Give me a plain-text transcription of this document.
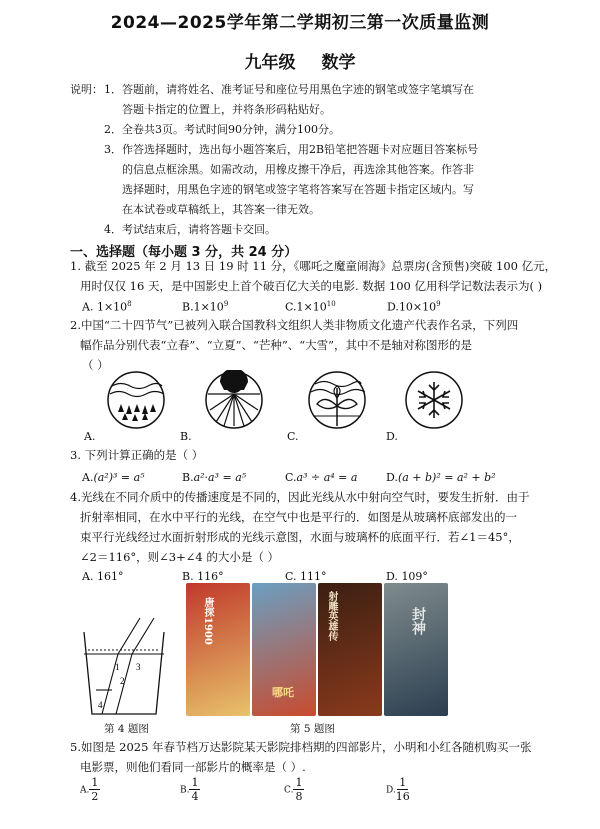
2024—2025学年第二学期初三第一次质量监测
九年级 数学
说明： 1．答题前，请将姓名、准考证号和座位号用黑色字迹的钢笔或签字笔填写在
答题卡指定的位置上，并将条形码粘贴好。
2．全卷共3页。考试时间90分钟，满分100分。
3．作答选择题时，选出每小题答案后，用2B铅笔把答题卡对应题目答案标号
的信息点框涂黑。如需改动，用橡皮擦干净后，再选涂其他答案。作答非
选择题时，用黑色字迹的钢笔或签字笔将答案写在答题卡指定区域内。写
在本试卷或草稿纸上，其答案一律无效。
4．考试结束后，请将答题卡交回。
一、选择题（每小题 3 分，共 24 分）
1. 截至 2025 年 2 月 13 日 19 时 11 分，《哪吒之魔童闹海》总票房(含预售)突破 100 亿元，
用时仅仅 16 天，是中国影史上首个破百亿大关的电影. 数据 100 亿用科学记数法表示为( )
A. $1\times 10^8$	$B.1\times 10^9$	$C.1\times 10^{10}$	$D.10\times 10^9$
2.中国“二十四节气”已被列入联合国教科文组织人类非物质文化遗产代表作名录，下列四
幅作品分别代表“立春”、“立夏”、“芒种”、“大雪”，其中不是轴对称图形的是
（ ）
A.	B.	C.	D.
3. 下列计算正确的是（ ）
A.(a²)³ = a⁵	B.a²·a³ = a⁵	C.a³ ÷ a⁴ = a	D.(a + b)² = a² + b²
4.光线在不同介质中的传播速度是不同的，因此光线从水中射向空气时，要发生折射．由于
折射率相同，在水中平行的光线，在空气中也是平行的．如图是从玻璃杯底部发出的一
束平行光线经过水面折射形成的光线示意图，水面与玻璃杯的底面平行．若∠1＝45°，
∠2＝116°，则∠3+∠4 的大小是（ ）
A. 161°	B. 116°	C. 111°	D. 109°
1
2
3
4
第 4 题图
唐探1900
哪吒
射雕英雄传	封神
第 5 题图
5.如图是 2025 年春节档万达影院某天影院排档期的四部影片，小明和小红各随机购买一张
电影票，则他们看同一部影片的概率是（ ）.
A. $\frac{1}{2}$	B. $\frac{1}{4}$	C. $\frac{1}{8}$	D. $\frac{1}{16}$
